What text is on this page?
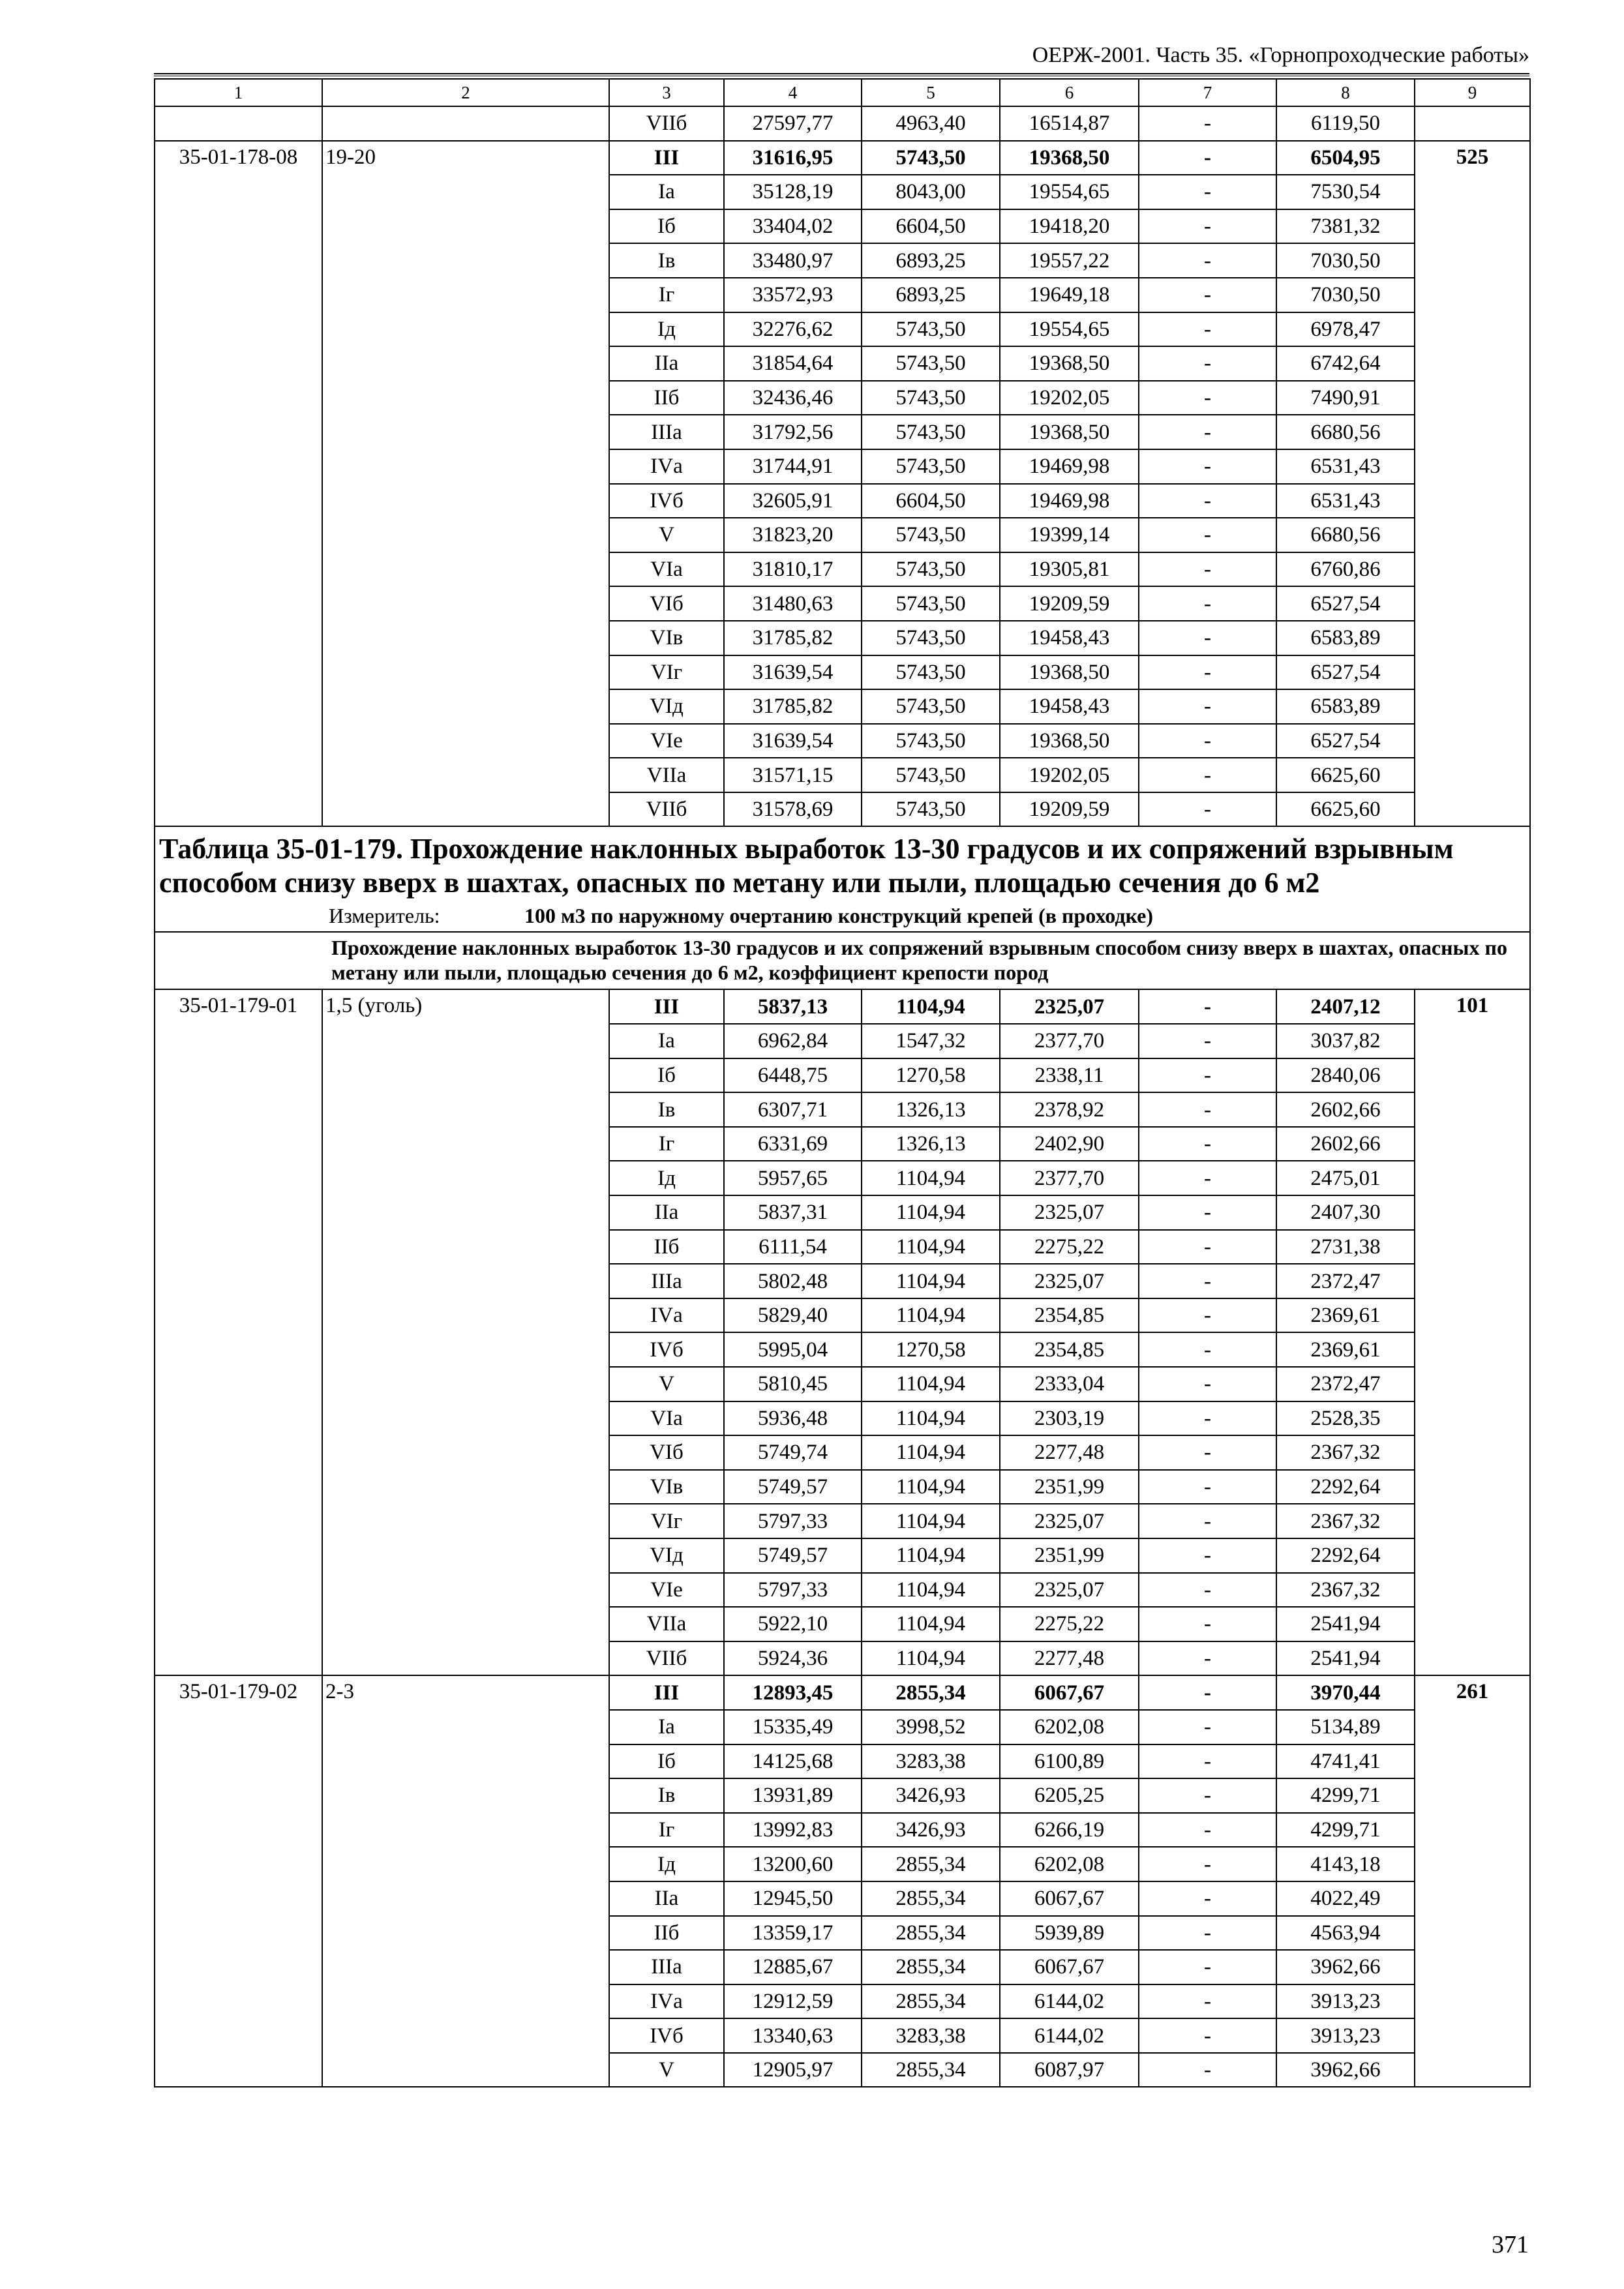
ОЕРЖ-2001. Часть 35. «Горнопроходческие работы»
1	2	3	4	5	6	7	8	9
		VIIб	27597,77	4963,40	16514,87	-	6119,50	
35-01-178-08	19-20	III	31616,95	5743,50	19368,50	-	6504,95	525
		Iа	35128,19	8043,00	19554,65	-	7530,54	
		Iб	33404,02	6604,50	19418,20	-	7381,32	
		Iв	33480,97	6893,25	19557,22	-	7030,50	
		Iг	33572,93	6893,25	19649,18	-	7030,50	
		Iд	32276,62	5743,50	19554,65	-	6978,47	
		IIа	31854,64	5743,50	19368,50	-	6742,64	
		IIб	32436,46	5743,50	19202,05	-	7490,91	
		IIIа	31792,56	5743,50	19368,50	-	6680,56	
		IVа	31744,91	5743,50	19469,98	-	6531,43	
		IVб	32605,91	6604,50	19469,98	-	6531,43	
		V	31823,20	5743,50	19399,14	-	6680,56	
		VIа	31810,17	5743,50	19305,81	-	6760,86	
		VIб	31480,63	5743,50	19209,59	-	6527,54	
		VIв	31785,82	5743,50	19458,43	-	6583,89	
		VIг	31639,54	5743,50	19368,50	-	6527,54	
		VIд	31785,82	5743,50	19458,43	-	6583,89	
		VIе	31639,54	5743,50	19368,50	-	6527,54	
		VIIа	31571,15	5743,50	19202,05	-	6625,60	
		VIIб	31578,69	5743,50	19209,59	-	6625,60	

Таблица 35-01-179. Прохождение наклонных выработок 13-30 градусов и их сопряжений взрывным способом снизу вверх в шахтах, опасных по метану или пыли, площадью сечения до 6 м2
Измеритель: 100 м3 по наружному очертанию конструкций крепей (в проходке)								

Прохождение наклонных выработок 13-30 градусов и их сопряжений взрывным способом снизу вверх в шахтах, опасных по метану или пыли, площадью сечения до 6 м2, коэффициент крепости пород								
35-01-179-01	1,5 (уголь)	III	5837,13	1104,94	2325,07	-	2407,12	101
		Iа	6962,84	1547,32	2377,70	-	3037,82	
		Iб	6448,75	1270,58	2338,11	-	2840,06	
		Iв	6307,71	1326,13	2378,92	-	2602,66	
		Iг	6331,69	1326,13	2402,90	-	2602,66	
		Iд	5957,65	1104,94	2377,70	-	2475,01	
		IIа	5837,31	1104,94	2325,07	-	2407,30	
		IIб	6111,54	1104,94	2275,22	-	2731,38	
		IIIа	5802,48	1104,94	2325,07	-	2372,47	
		IVа	5829,40	1104,94	2354,85	-	2369,61	
		IVб	5995,04	1270,58	2354,85	-	2369,61	
		V	5810,45	1104,94	2333,04	-	2372,47	
		VIа	5936,48	1104,94	2303,19	-	2528,35	
		VIб	5749,74	1104,94	2277,48	-	2367,32	
		VIв	5749,57	1104,94	2351,99	-	2292,64	
		VIг	5797,33	1104,94	2325,07	-	2367,32	
		VIд	5749,57	1104,94	2351,99	-	2292,64	
		VIе	5797,33	1104,94	2325,07	-	2367,32	
		VIIа	5922,10	1104,94	2275,22	-	2541,94	
		VIIб	5924,36	1104,94	2277,48	-	2541,94	
35-01-179-02	2-3	III	12893,45	2855,34	6067,67	-	3970,44	261
		Iа	15335,49	3998,52	6202,08	-	5134,89	
		Iб	14125,68	3283,38	6100,89	-	4741,41	
		Iв	13931,89	3426,93	6205,25	-	4299,71	
		Iг	13992,83	3426,93	6266,19	-	4299,71	
		Iд	13200,60	2855,34	6202,08	-	4143,18	
		IIа	12945,50	2855,34	6067,67	-	4022,49	
		IIб	13359,17	2855,34	5939,89	-	4563,94	
		IIIа	12885,67	2855,34	6067,67	-	3962,66	
		IVа	12912,59	2855,34	6144,02	-	3913,23	
		IVб	13340,63	3283,38	6144,02	-	3913,23	
		V	12905,97	2855,34	6087,97	-	3962,66	
371
